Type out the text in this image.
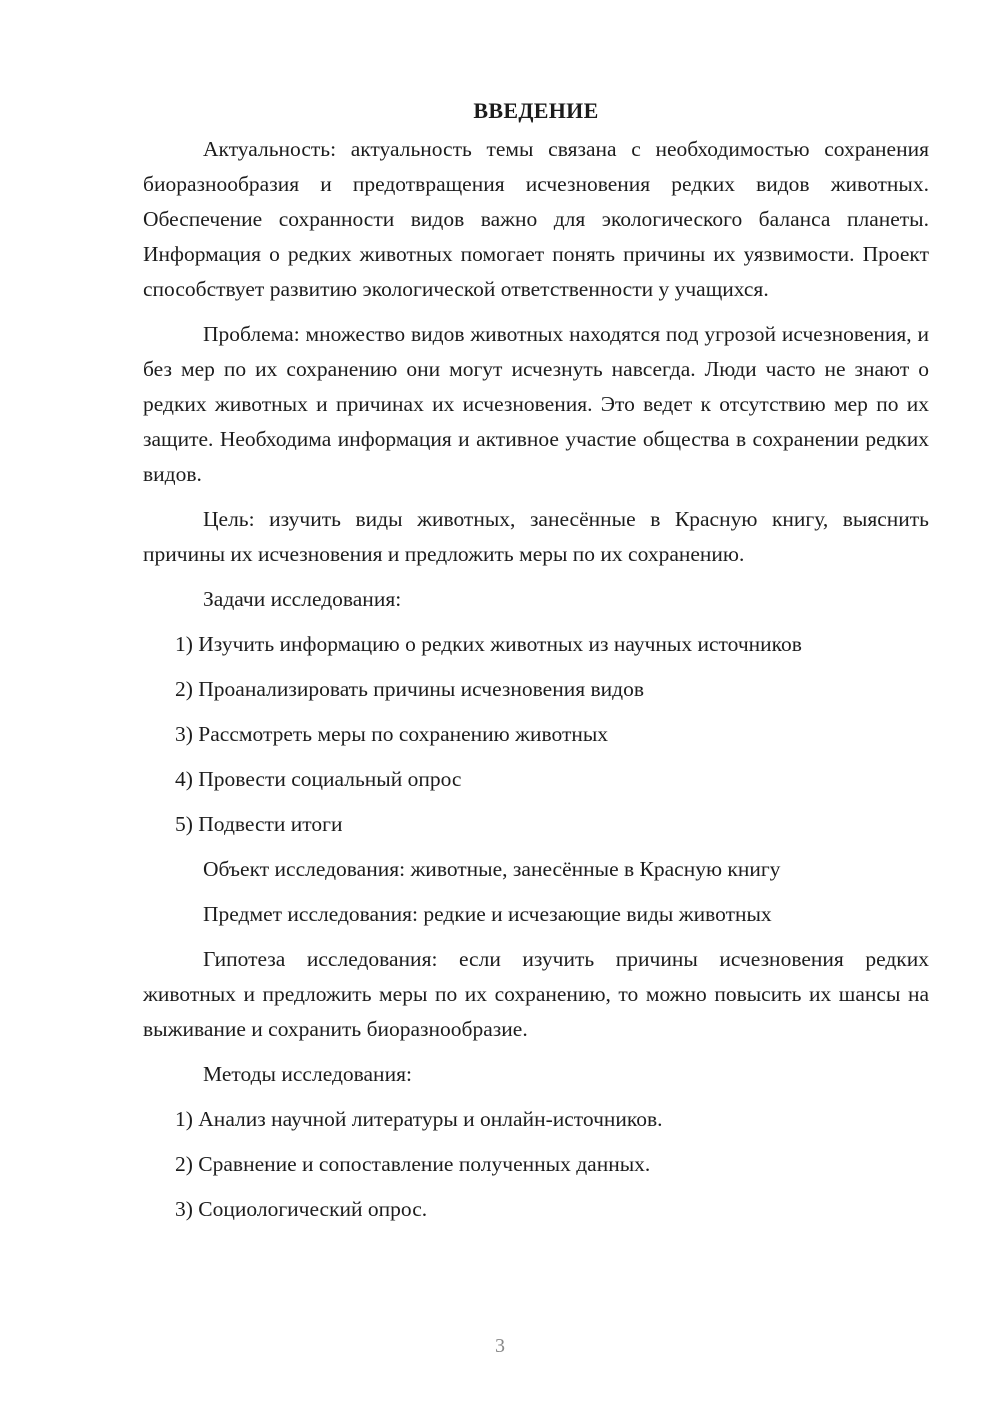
ВВЕДЕНИЕ

Актуальность: актуальность темы связана с необходимостью сохранения биоразнообразия и предотвращения исчезновения редких видов животных. Обеспечение сохранности видов важно для экологического баланса планеты. Информация о редких животных помогает понять причины их уязвимости. Проект способствует развитию экологической ответственности у учащихся.

Проблема: множество видов животных находятся под угрозой исчезновения, и без мер по их сохранению они могут исчезнуть навсегда. Люди часто не знают о редких животных и причинах их исчезновения. Это ведет к отсутствию мер по их защите. Необходима информация и активное участие общества в сохранении редких видов.

Цель: изучить виды животных, занесённые в Красную книгу, выяснить причины их исчезновения и предложить меры по их сохранению.

Задачи исследования:
1) Изучить информацию о редких животных из научных источников
2) Проанализировать причины исчезновения видов
3) Рассмотреть меры по сохранению животных
4) Провести социальный опрос
5) Подвести итоги
Объект исследования: животные, занесённые в Красную книгу
Предмет исследования: редкие и исчезающие виды животных

Гипотеза исследования: если изучить причины исчезновения редких животных и предложить меры по их сохранению, то можно повысить их шансы на выживание и сохранить биоразнообразие.

Методы исследования:
1) Анализ научной литературы и онлайн-источников.
2) Сравнение и сопоставление полученных данных.
3) Социологический опрос.
3
